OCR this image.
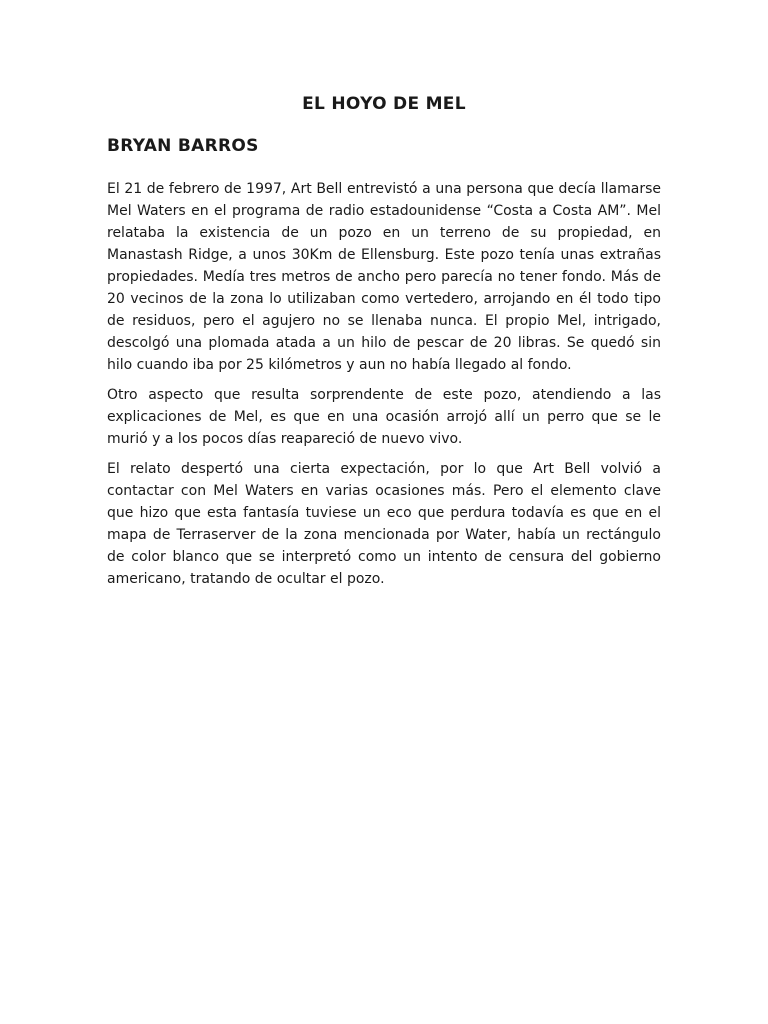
EL HOYO DE MEL
BRYAN BARROS

El 21 de febrero de 1997, Art Bell entrevistó a una persona que decía llamarse Mel Waters en el programa de radio estadounidense “Costa a Costa AM”. Mel relataba la existencia de un pozo en un terreno de su propiedad, en Manastash Ridge, a unos 30Km de Ellensburg. Este pozo tenía unas extrañas propiedades. Medía tres metros de ancho pero parecía no tener fondo. Más de 20 vecinos de la zona lo utilizaban como vertedero, arrojando en él todo tipo de residuos, pero el agujero no se llenaba nunca. El propio Mel, intrigado, descolgó una plomada atada a un hilo de pescar de 20 libras. Se quedó sin hilo cuando iba por 25 kilómetros y aun no había llegado al fondo.

Otro aspecto que resulta sorprendente de este pozo, atendiendo a las explicaciones de Mel, es que en una ocasión arrojó allí un perro que se le murió y a los pocos días reapareció de nuevo vivo.

El relato despertó una cierta expectación, por lo que Art Bell volvió a contactar con Mel Waters en varias ocasiones más. Pero el elemento clave que hizo que esta fantasía tuviese un eco que perdura todavía es que en el mapa de Terraserver de la zona mencionada por Water, había un rectángulo de color blanco que se interpretó como un intento de censura del gobierno americano, tratando de ocultar el pozo.
